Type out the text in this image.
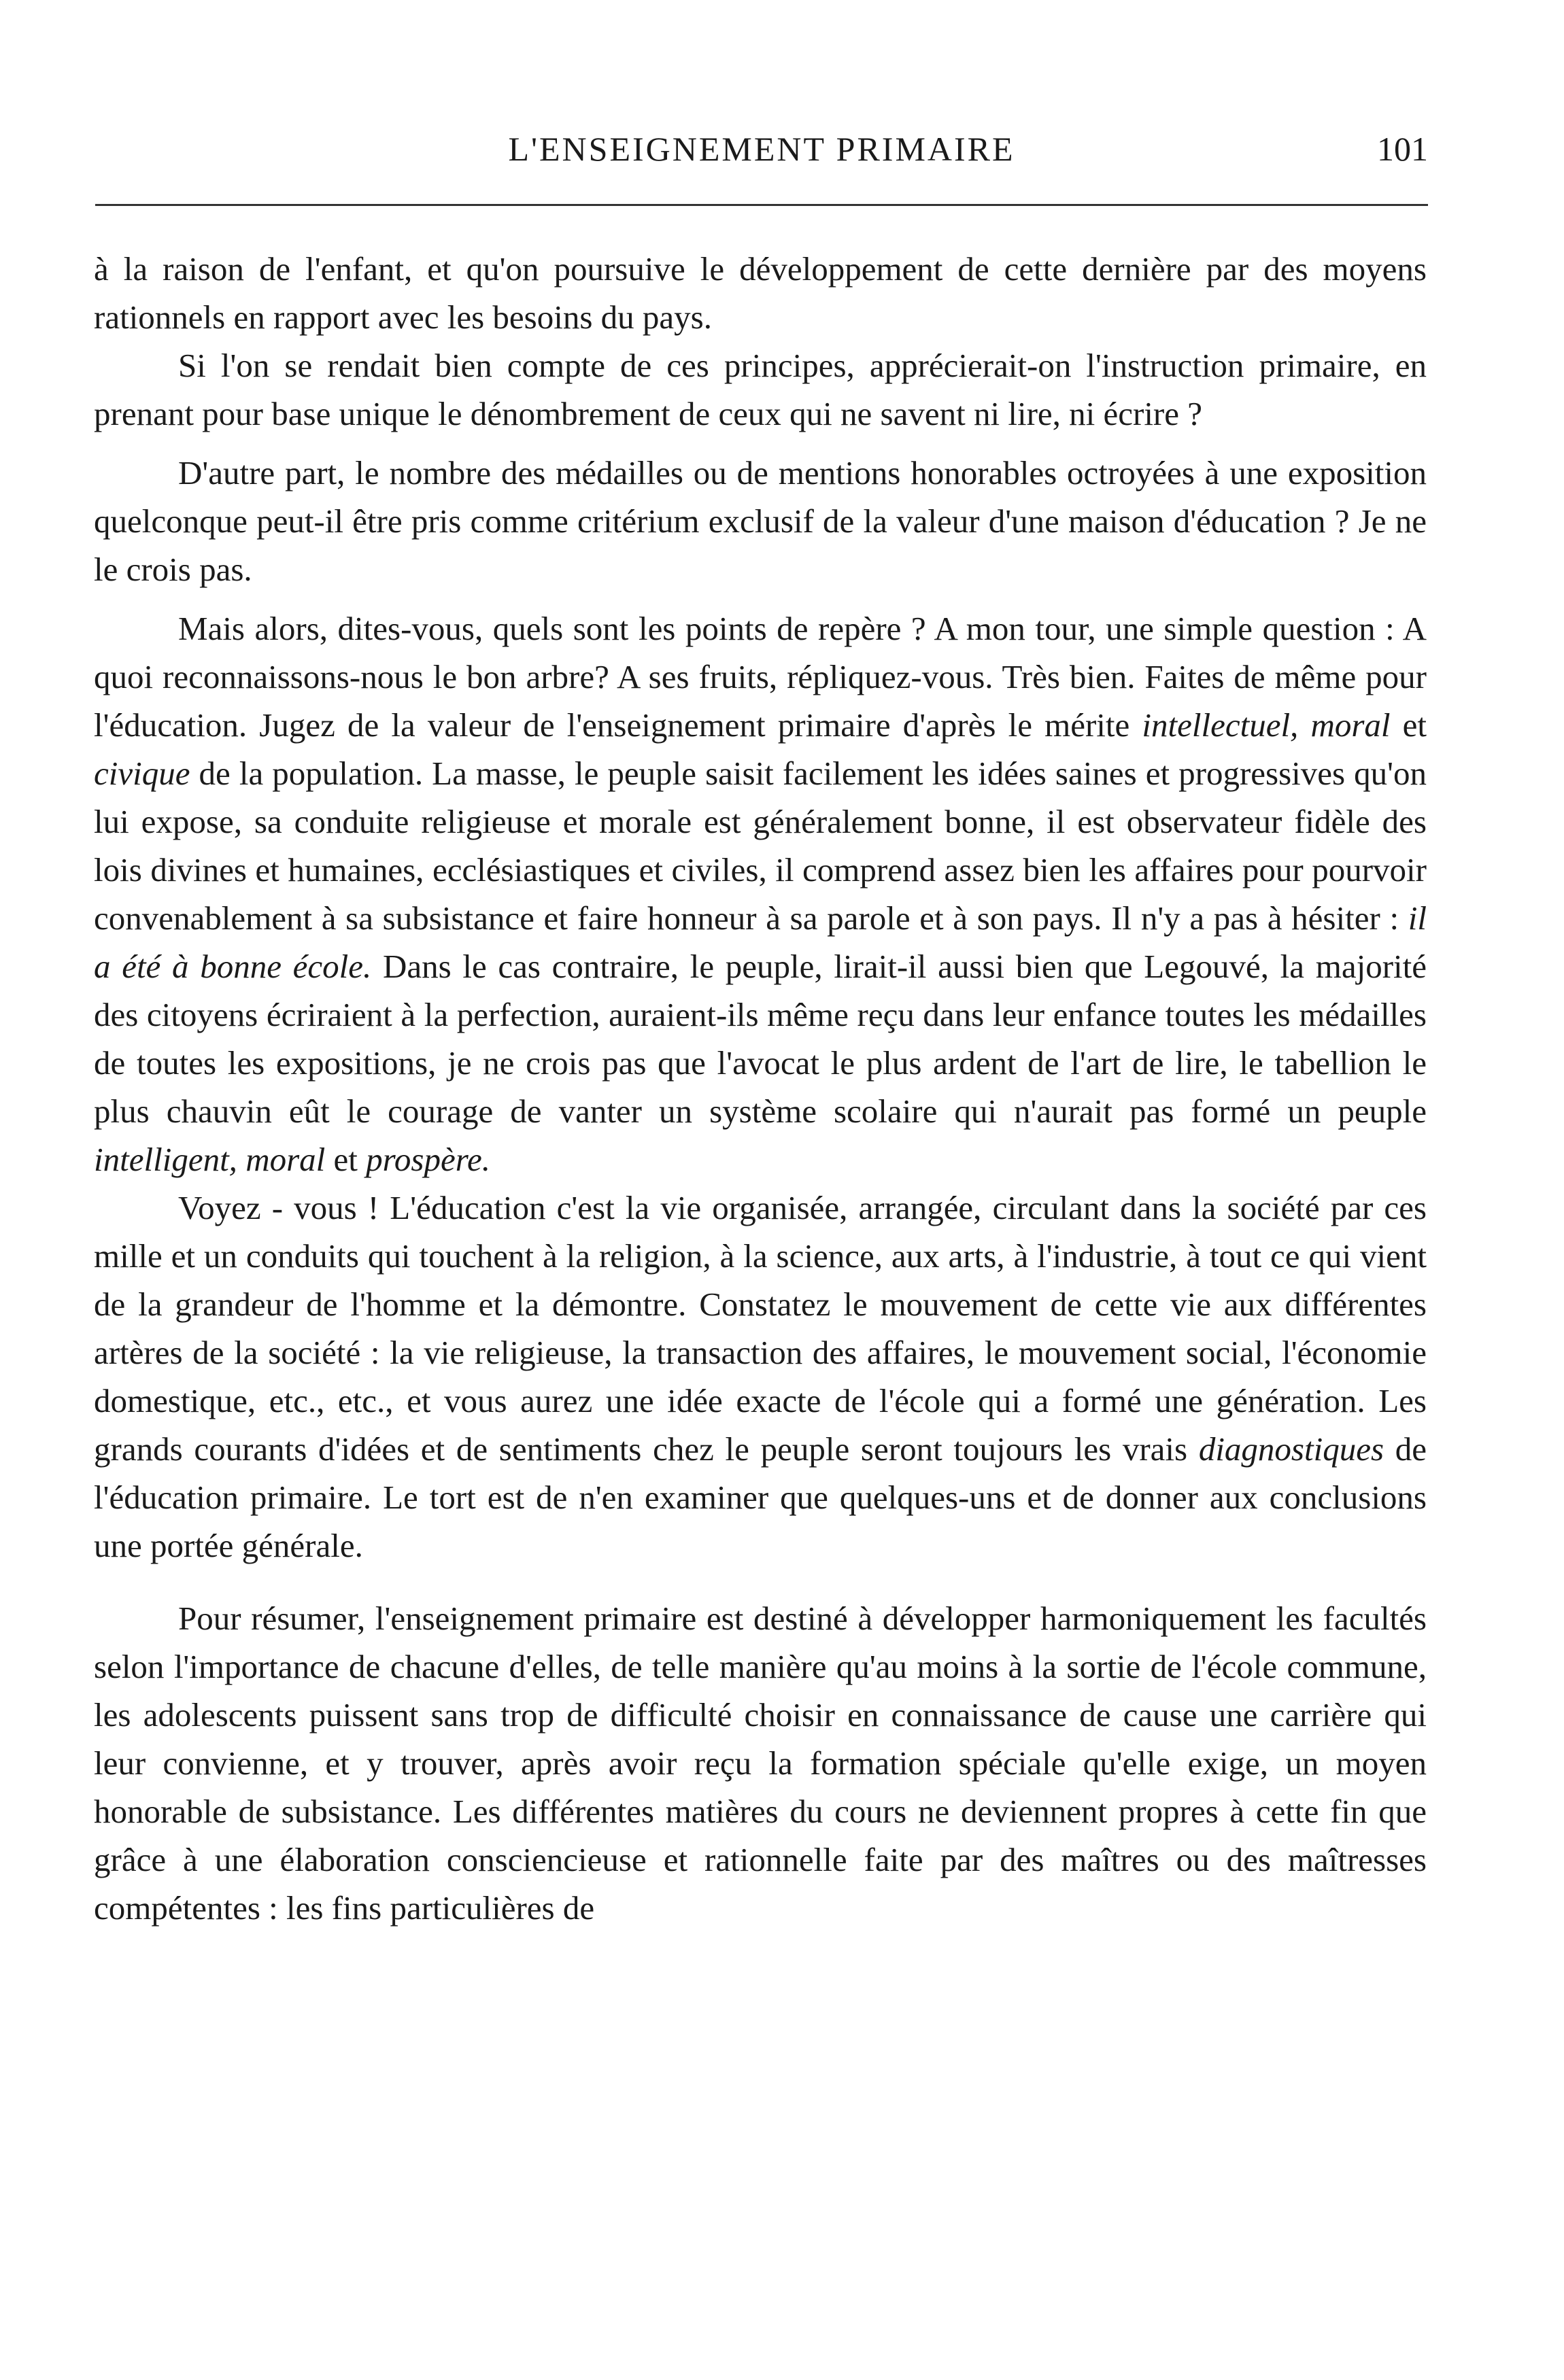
L'ENSEIGNEMENT PRIMAIRE	101

à la raison de l'enfant, et qu'on poursuive le développement de cette dernière par des moyens rationnels en rapport avec les besoins du pays.

Si l'on se rendait bien compte de ces principes, apprécierait-on l'instruction primaire, en prenant pour base unique le dénombrement de ceux qui ne savent ni lire, ni écrire ?

D'autre part, le nombre des médailles ou de mentions honorables octroyées à une exposition quelconque peut-il être pris comme critérium exclusif de la valeur d'une maison d'éducation ? Je ne le crois pas.

Mais alors, dites-vous, quels sont les points de repère ? A mon tour, une simple question : A quoi reconnaissons-nous le bon arbre? A ses fruits, répliquez-vous. Très bien. Faites de même pour l'éducation. Jugez de la valeur de l'enseignement primaire d'après le mérite intellectuel, moral et civique de la population. La masse, le peuple saisit facilement les idées saines et progressives qu'on lui expose, sa conduite religieuse et morale est généralement bonne, il est observateur fidèle des lois divines et humaines, ecclésiastiques et civiles, il comprend assez bien les affaires pour pourvoir convenablement à sa subsistance et faire honneur à sa parole et à son pays. Il n'y a pas à hésiter : il a été à bonne école. Dans le cas contraire, le peuple, lirait-il aussi bien que Legouvé, la majorité des citoyens écriraient à la perfection, auraient-ils même reçu dans leur enfance toutes les médailles de toutes les expositions, je ne crois pas que l'avocat le plus ardent de l'art de lire, le tabellion le plus chauvin eût le courage de vanter un système scolaire qui n'aurait pas formé un peuple intelligent, moral et prospère.

Voyez - vous ! L'éducation c'est la vie organisée, arrangée, circulant dans la société par ces mille et un conduits qui touchent à la religion, à la science, aux arts, à l'industrie, à tout ce qui vient de la grandeur de l'homme et la démontre. Constatez le mouvement de cette vie aux différentes artères de la société : la vie religieuse, la transaction des affaires, le mouvement social, l'économie domestique, etc., etc., et vous aurez une idée exacte de l'école qui a formé une génération. Les grands courants d'idées et de sentiments chez le peuple seront toujours les vrais diagnostiques de l'éducation primaire. Le tort est de n'en examiner que quelques-uns et de donner aux conclusions une portée générale.

Pour résumer, l'enseignement primaire est destiné à développer harmoniquement les facultés selon l'importance de chacune d'elles, de telle manière qu'au moins à la sortie de l'école commune, les adolescents puissent sans trop de difficulté choisir en connaissance de cause une carrière qui leur convienne, et y trouver, après avoir reçu la formation spéciale qu'elle exige, un moyen honorable de subsistance. Les différentes matières du cours ne deviennent propres à cette fin que grâce à une élaboration consciencieuse et rationnelle faite par des maîtres ou des maîtresses compétentes : les fins particulières de
